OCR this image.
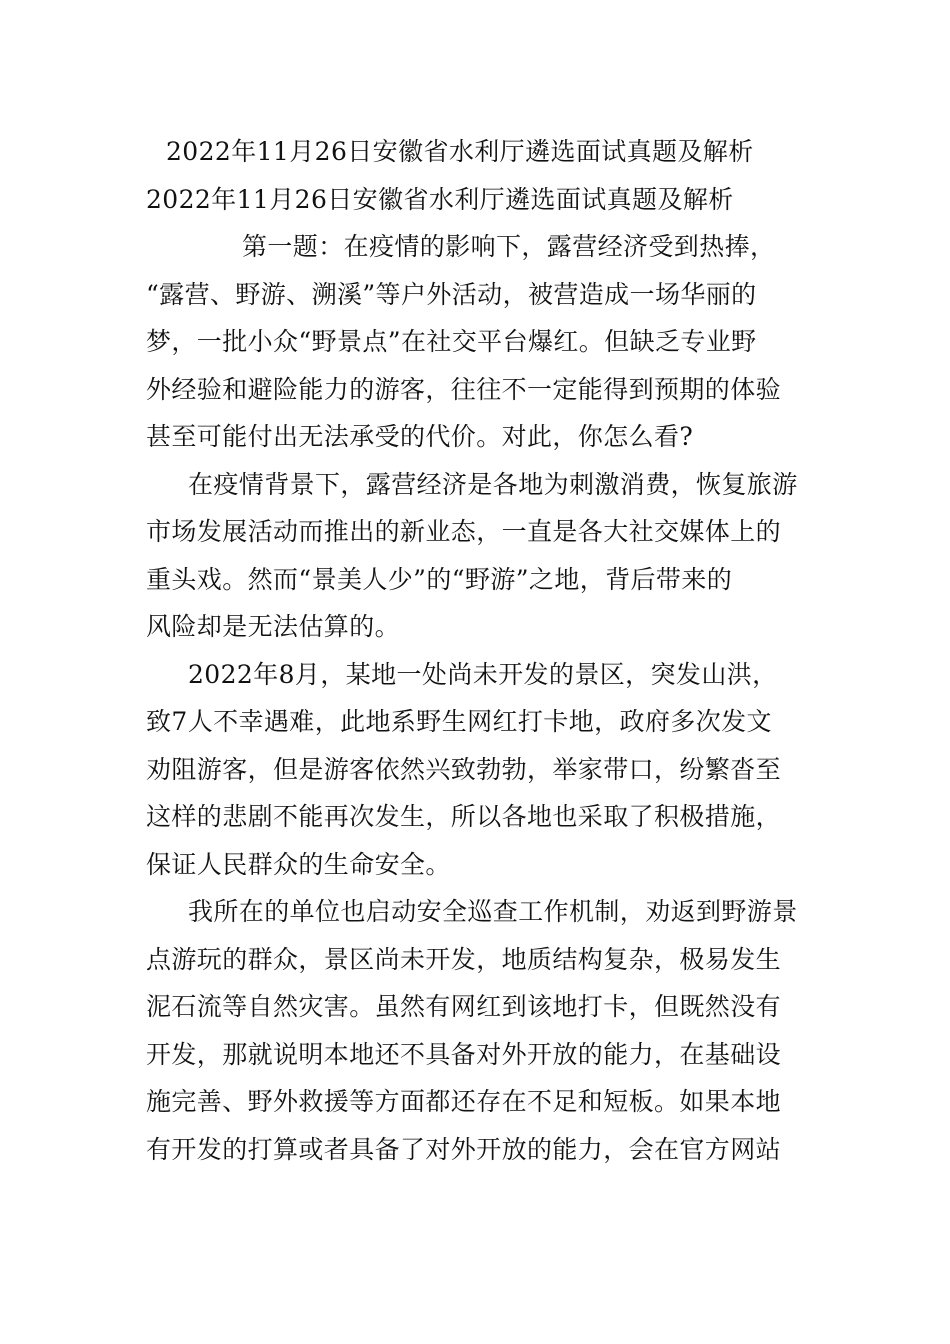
2022年11月26日安徽省水利厅遴选面试真题及解析
2022年11月26日安徽省水利厅遴选面试真题及解析
第一题：在疫情的影响下，露营经济受到热捧，
“露营、野游、溯溪”等户外活动，被营造成一场华丽的
梦，一批小众“野景点”在社交平台爆红。但缺乏专业野
外经验和避险能力的游客，往往不一定能得到预期的体验
甚至可能付出无法承受的代价。对此，你怎么看?
在疫情背景下，露营经济是各地为刺激消费，恢复旅游
市场发展活动而推出的新业态，一直是各大社交媒体上的
重头戏。然而“景美人少”的“野游”之地，背后带来的
风险却是无法估算的。
2022年8月，某地一处尚未开发的景区，突发山洪，
致7人不幸遇难，此地系野生网红打卡地，政府多次发文
劝阻游客，但是游客依然兴致勃勃，举家带口，纷繁沓至
这样的悲剧不能再次发生，所以各地也采取了积极措施，
保证人民群众的生命安全。
我所在的单位也启动安全巡查工作机制，劝返到野游景
点游玩的群众，景区尚未开发，地质结构复杂，极易发生
泥石流等自然灾害。虽然有网红到该地打卡，但既然没有
开发，那就说明本地还不具备对外开放的能力，在基础设
施完善、野外救援等方面都还存在不足和短板。如果本地
有开发的打算或者具备了对外开放的能力，会在官方网站
